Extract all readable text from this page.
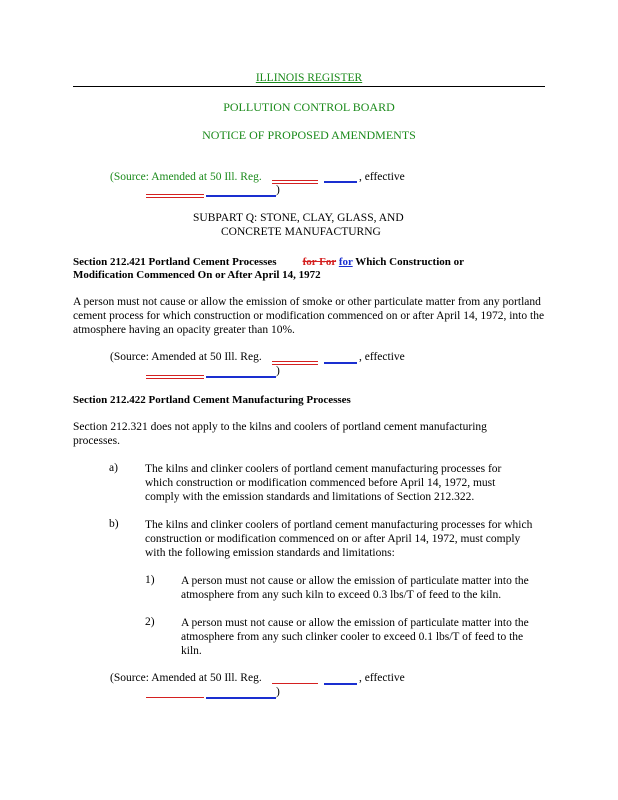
ILLINOIS REGISTER
POLLUTION CONTROL BOARD
NOTICE OF PROPOSED AMENDMENTS
(Source: Amended at 50 Ill. Reg.	, effective
)
SUBPART Q: STONE, CLAY, GLASS, AND
CONCRETE MANUFACTURNG
Section 212.421 Portland Cement Processes for For for Which Construction or
Modification Commenced On or After April 14, 1972
A person must not cause or allow the emission of smoke or other particulate matter from any portland cement process for which construction or modification commenced on or after April 14, 1972, into the atmosphere having an opacity greater than 10%.
(Source: Amended at 50 Ill. Reg.	, effective
)
Section 212.422 Portland Cement Manufacturing Processes
Section 212.321 does not apply to the kilns and coolers of portland cement manufacturing processes.
a) The kilns and clinker coolers of portland cement manufacturing processes for which construction or modification commenced before April 14, 1972, must comply with the emission standards and limitations of Section 212.322.
b) The kilns and clinker coolers of portland cement manufacturing processes for which construction or modification commenced on or after April 14, 1972, must comply with the following emission standards and limitations:
1) A person must not cause or allow the emission of particulate matter into the atmosphere from any such kiln to exceed 0.3 lbs/T of feed to the kiln.
2) A person must not cause or allow the emission of particulate matter into the atmosphere from any such clinker cooler to exceed 0.1 lbs/T of feed to the kiln.
(Source: Amended at 50 Ill. Reg.	, effective
)
